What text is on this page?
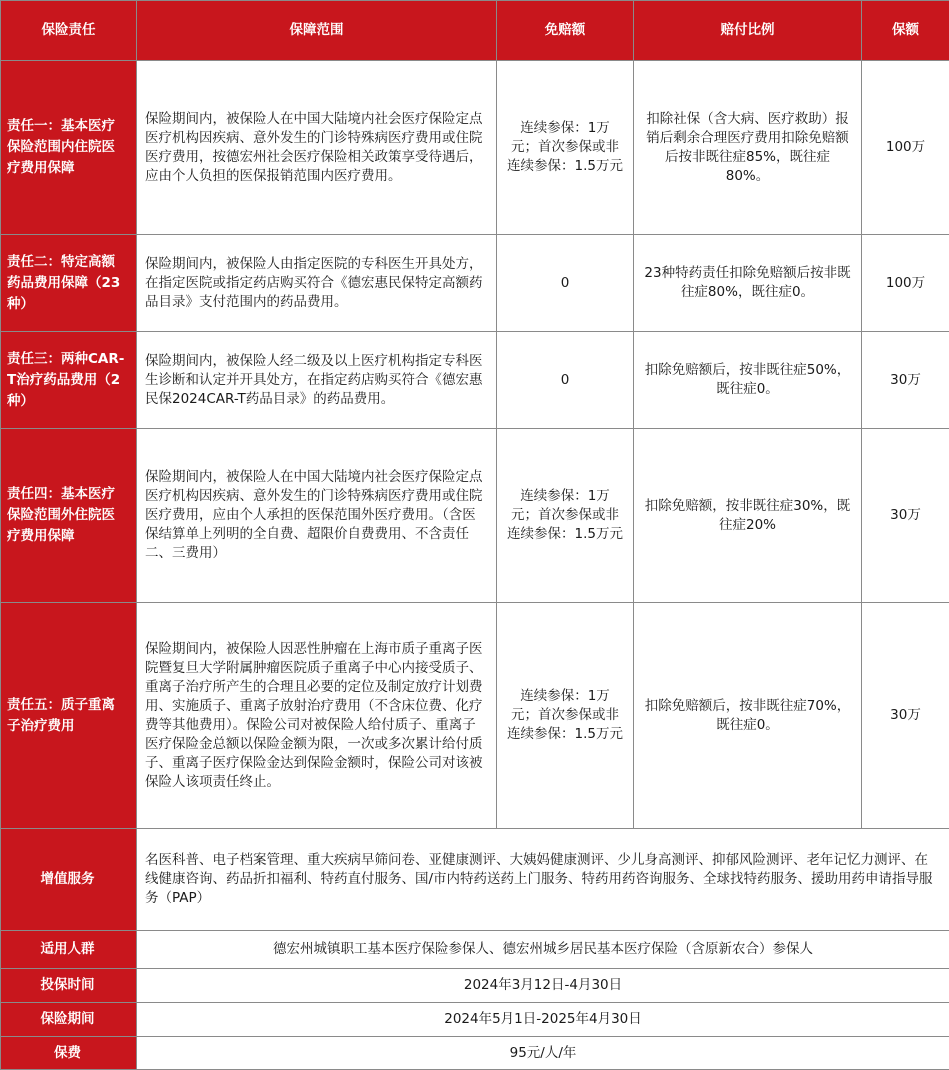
保险责任	保障范围	免赔额	赔付比例	保额
责任一：基本医疗保险范围内住院医疗费用保障	保险期间内，被保险人在中国大陆境内社会医疗保险定点医疗机构因疾病、意外发生的门诊特殊病医疗费用或住院医疗费用，按德宏州社会医疗保险相关政策享受待遇后，应由个人负担的医保报销范围内医疗费用。	连续参保：1万元；首次参保或非连续参保：1.5万元	扣除社保（含大病、医疗救助）报销后剩余合理医疗费用扣除免赔额后按非既往症85%，既往症80%。	100万
责任二：特定高额药品费用保障（23种）	保险期间内，被保险人由指定医院的专科医生开具处方，在指定医院或指定药店购买符合《德宏惠民保特定高额药品目录》支付范围内的药品费用。	0	23种特药责任扣除免赔额后按非既往症80%，既往症0。	100万
责任三：两种CAR-T治疗药品费用（2种）	保险期间内，被保险人经二级及以上医疗机构指定专科医生诊断和认定并开具处方，在指定药店购买符合《德宏惠民保2024CAR-T药品目录》的药品费用。	0	扣除免赔额后，按非既往症50%，既往症0。	30万
责任四：基本医疗保险范围外住院医疗费用保障	保险期间内，被保险人在中国大陆境内社会医疗保险定点医疗机构因疾病、意外发生的门诊特殊病医疗费用或住院医疗费用，应由个人承担的医保范围外医疗费用。（含医保结算单上列明的全自费、超限价自费费用、不含责任二、三费用）	连续参保：1万元；首次参保或非连续参保：1.5万元	扣除免赔额，按非既往症30%，既往症20%	30万
责任五：质子重离子治疗费用	保险期间内，被保险人因恶性肿瘤在上海市质子重离子医院暨复旦大学附属肿瘤医院质子重离子中心内接受质子、重离子治疗所产生的合理且必要的定位及制定放疗计划费用、实施质子、重离子放射治疗费用（不含床位费、化疗费等其他费用）。保险公司对被保险人给付质子、重离子医疗保险金总额以保险金额为限，一次或多次累计给付质子、重离子医疗保险金达到保险金额时，保险公司对该被保险人该项责任终止。	连续参保：1万元；首次参保或非连续参保：1.5万元	扣除免赔额后，按非既往症70%，既往症0。	30万
增值服务	名医科普、电子档案管理、重大疾病早筛问卷、亚健康测评、大姨妈健康测评、少儿身高测评、抑郁风险测评、老年记忆力测评、在线健康咨询、药品折扣福利、特药直付服务、国/市内特药送药上门服务、特药用药咨询服务、全球找特药服务、援助用药申请指导服务（PAP）			
适用人群	德宏州城镇职工基本医疗保险参保人、德宏州城乡居民基本医疗保险（含原新农合）参保人			
投保时间	2024年3月12日-4月30日			
保险期间	2024年5月1日-2025年4月30日			
保费	95元/人/年			
